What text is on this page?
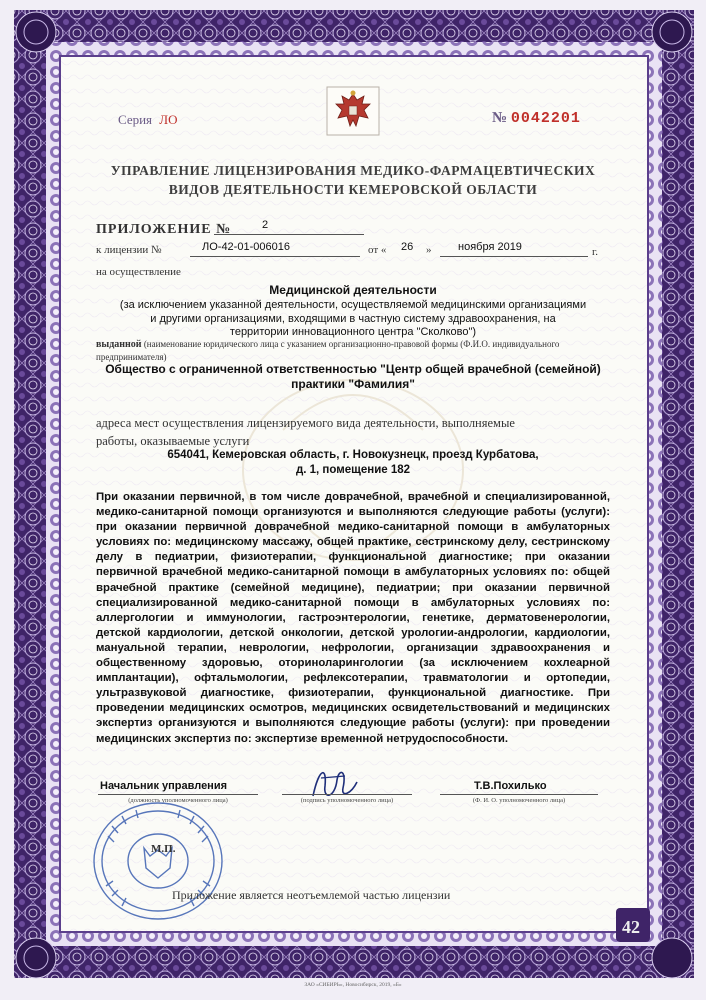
Серия ЛО	№ 0042201
УПРАВЛЕНИЕ ЛИЦЕНЗИРОВАНИЯ МЕДИКО-ФАРМАЦЕВТИЧЕСКИХ
ВИДОВ ДЕЯТЕЛЬНОСТИ КЕМЕРОВСКОЙ ОБЛАСТИ
ПРИЛОЖЕНИЕ №	2
к лицензии №	ЛО-42-01-006016	от « 26 » ноября 2019	г.
на осуществление
Медицинской деятельности
(за исключением указанной деятельности, осуществляемой медицинскими организациями
и другими организациями, входящими в частную систему здравоохранения, на
территории инновационного центра "Сколково")
выданной (наименование юридического лица с указанием организационно-правовой формы (Ф.И.О. индивидуального
предпринимателя)
Общество с ограниченной ответственностью "Центр общей врачебной (семейной)
практики "Фамилия"
адреса мест осуществления лицензируемого вида деятельности, выполняемые
работы, оказываемые услуги
654041, Кемеровская область, г. Новокузнецк, проезд Курбатова,
д. 1, помещение 182
При оказании первичной, в том числе доврачебной, врачебной и специализированной, медико-санитарной помощи организуются и выполняются следующие работы (услуги): при оказании первичной доврачебной медико-санитарной помощи в амбулаторных условиях по: медицинскому массажу, общей практике, сестринскому делу, сестринскому делу в педиатрии, физиотерапии, функциональной диагностике; при оказании первичной врачебной медико-санитарной помощи в амбулаторных условиях по: общей врачебной практике (семейной медицине), педиатрии; при оказании первичной специализированной медико-санитарной помощи в амбулаторных условиях по: аллергологии и иммунологии, гастроэнтерологии, генетике, дерматовенерологии, детской кардиологии, детской онкологии, детской урологии-андрологии, кардиологии, мануальной терапии, неврологии, нефрологии, организации здравоохранения и общественному здоровью, оториноларингологии (за исключением кохлеарной имплантации), офтальмологии, рефлексотерапии, травматологии и ортопедии, ультразвуковой диагностике, физиотерапии, функциональной диагностике. При проведении медицинских осмотров, медицинских освидетельствований и медицинских экспертиз организуются и выполняются следующие работы (услуги): при проведении медицинских экспертиз по: экспертизе временной нетрудоспособности.
Начальник управления
(должность уполномоченного лица)	(подпись уполномоченного лица)
Т.В.Похилько
(Ф. И. О. уполномоченного лица)
М.П.
Приложение является неотъемлемой частью лицензии
42
ЗАО «СИБИРЬ», Новосибирск, 2019, «Б»
